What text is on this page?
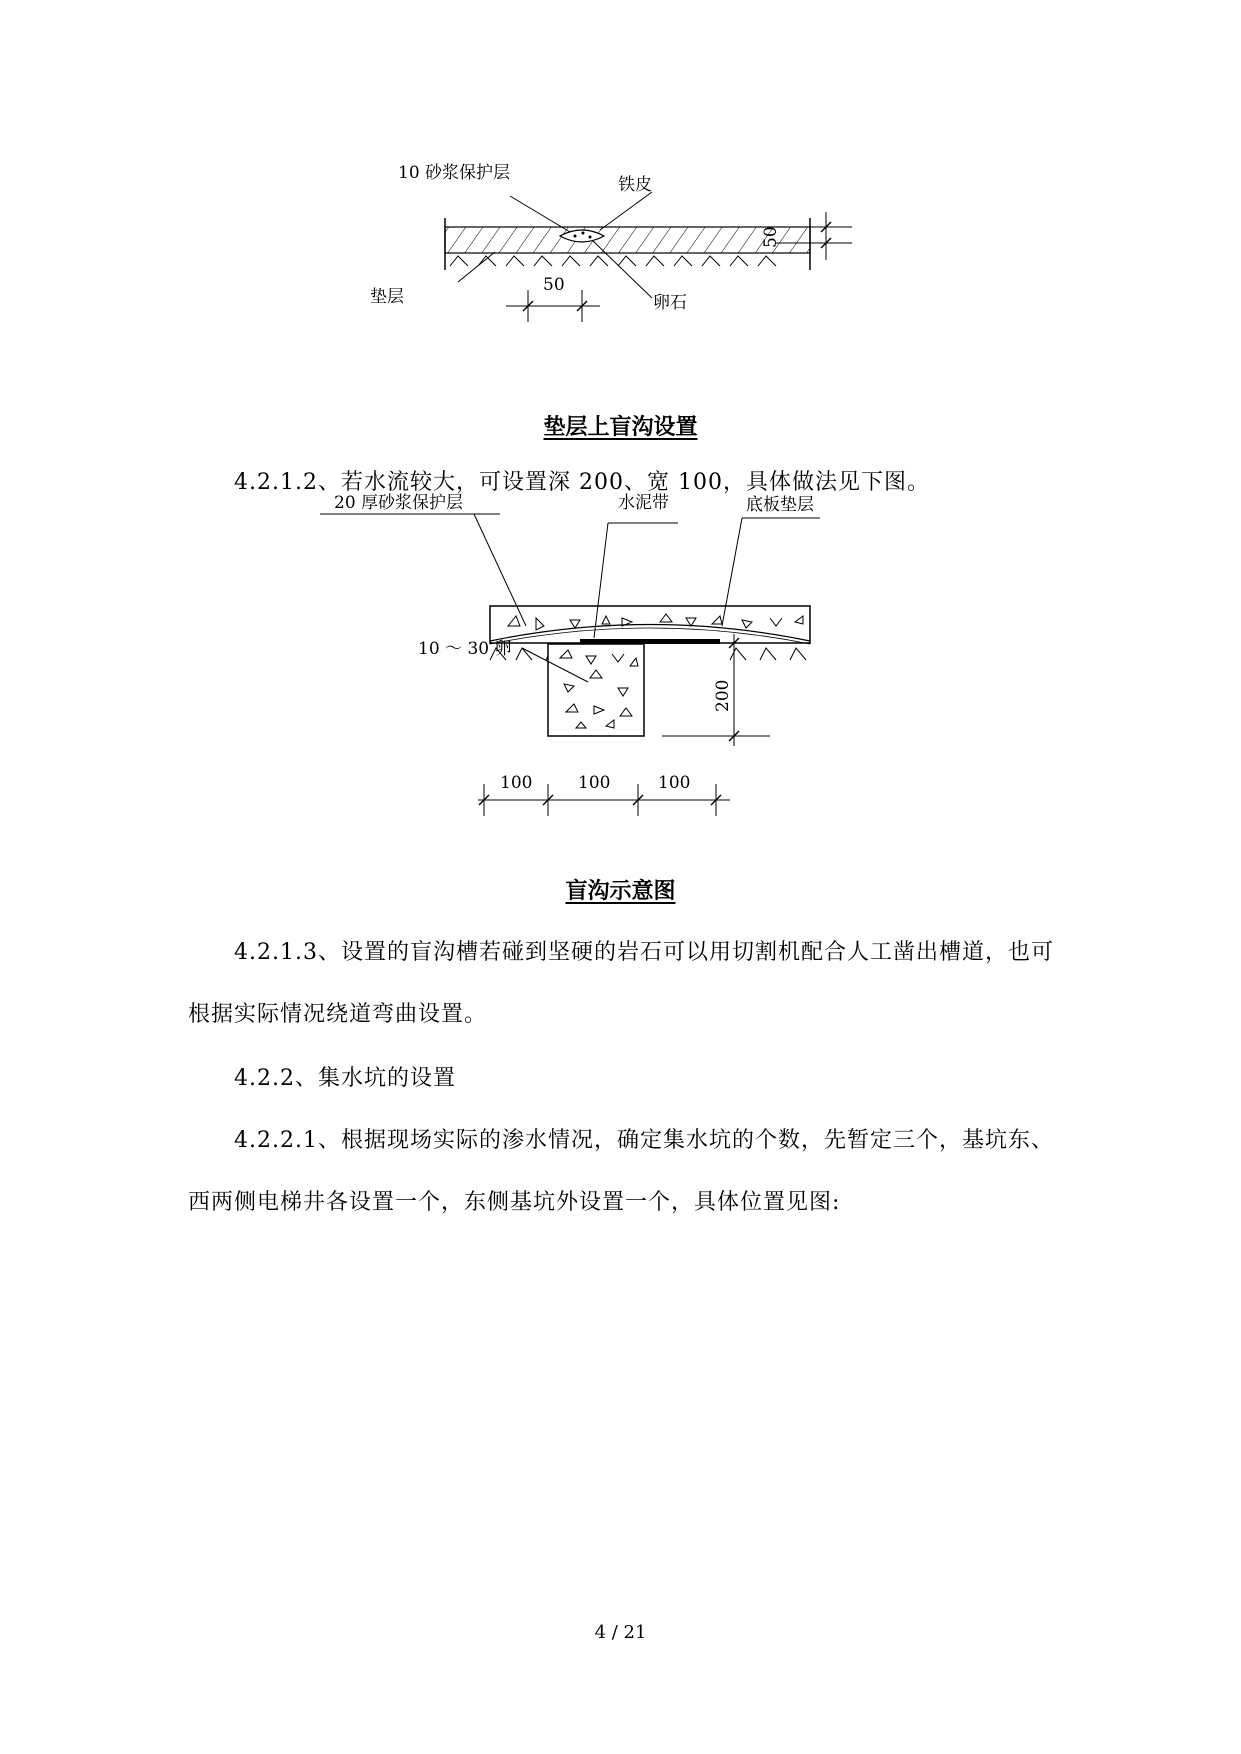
10 砂浆保护层
铁皮
垫层	卵石
50
50
垫层上盲沟设置
4.2.1.2、若水流较大，可设置深 200、宽 100，具体做法见下图。
20 厚砂浆保护层	水泥带	底板垫层
10 ～ 30 卵
200
100	100	100
盲沟示意图
4.2.1.3、设置的盲沟槽若碰到坚硬的岩石可以用切割机配合人工凿出槽道，也可根据实际情况绕道弯曲设置。
4.2.2、集水坑的设置
4.2.2.1、根据现场实际的渗水情况，确定集水坑的个数，先暂定三个，基坑东、西两侧电梯井各设置一个，东侧基坑外设置一个，具体位置见图:
4 / 21
